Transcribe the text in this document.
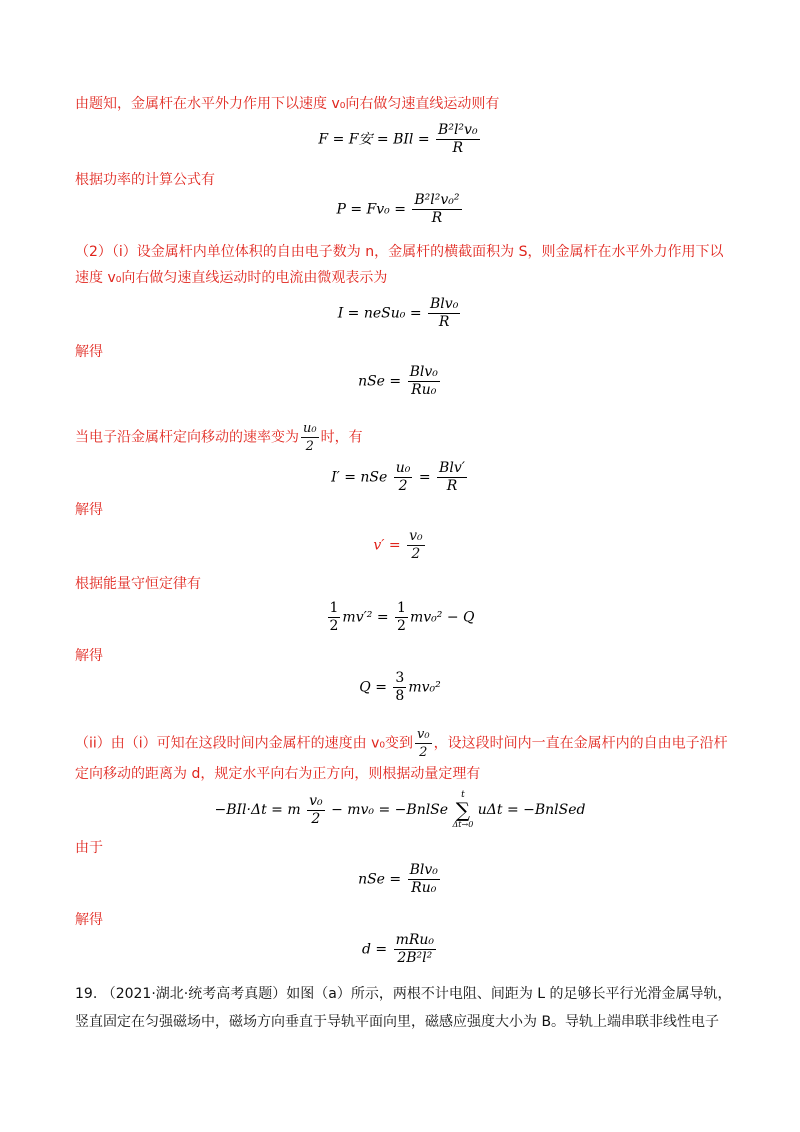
由题知，金属杆在水平外力作用下以速度 v₀向右做匀速直线运动则有
F = F安 = BIl = $\frac{\text{B²l²v₀}}{R}$
根据功率的计算公式有
$P = Fv_0 = \frac{\text{B²l²v₀²}}{R}$
（2）（i）设金属杆内单位体积的自由电子数为 n，金属杆的横截面积为 S，则金属杆在水平外力作用下以
速度 v₀向右做匀速直线运动时的电流由微观表示为
I = neSu₀ = $\frac{\text{Blv₀}}{R}$
解得
nSe = $\frac{\text{Blv₀}}{\text{Ru₀}}$
当电子沿金属杆定向移动的速率变为 $\frac{\text{u₀}}{2}$ 时，有
I′ = nSe $\frac{\text{u₀}}{2} = \frac{\text{Blv′}}{R}$
解得
$v' = \frac{\text{v₀}}{2}$
根据能量守恒定律有
$\frac{1}{2} mv'^2 = \frac{1}{2} mv_0^2 - Q$
解得
$Q = \frac{3}{8} mv_0^2$
（ii）由（i）可知在这段时间内金属杆的速度由 v₀变到 $\frac{\text{v₀}}{2}$ ，设这段时间内一直在金属杆内的自由电子沿杆
定向移动的距离为 d，规定水平向右为正方向，则根据动量定理有
−BIl·Δt = m $\frac{\text{v₀}}{2} - mv_0$ = −BnlSe
t
∑
Δt→0
uΔt = −BnlSed
由于
nSe = $\frac{\text{Blv₀}}{\text{Ru₀}}$
解得
$d = \frac{\text{mRu₀}}{\text{2B²l²}}$
19. （2021·湖北·统考高考真题）如图（a）所示，两根不计电阻、间距为 L 的足够长平行光滑金属导轨，
竖直固定在匀强磁场中，磁场方向垂直于导轨平面向里，磁感应强度大小为 B。导轨上端串联非线性电子
